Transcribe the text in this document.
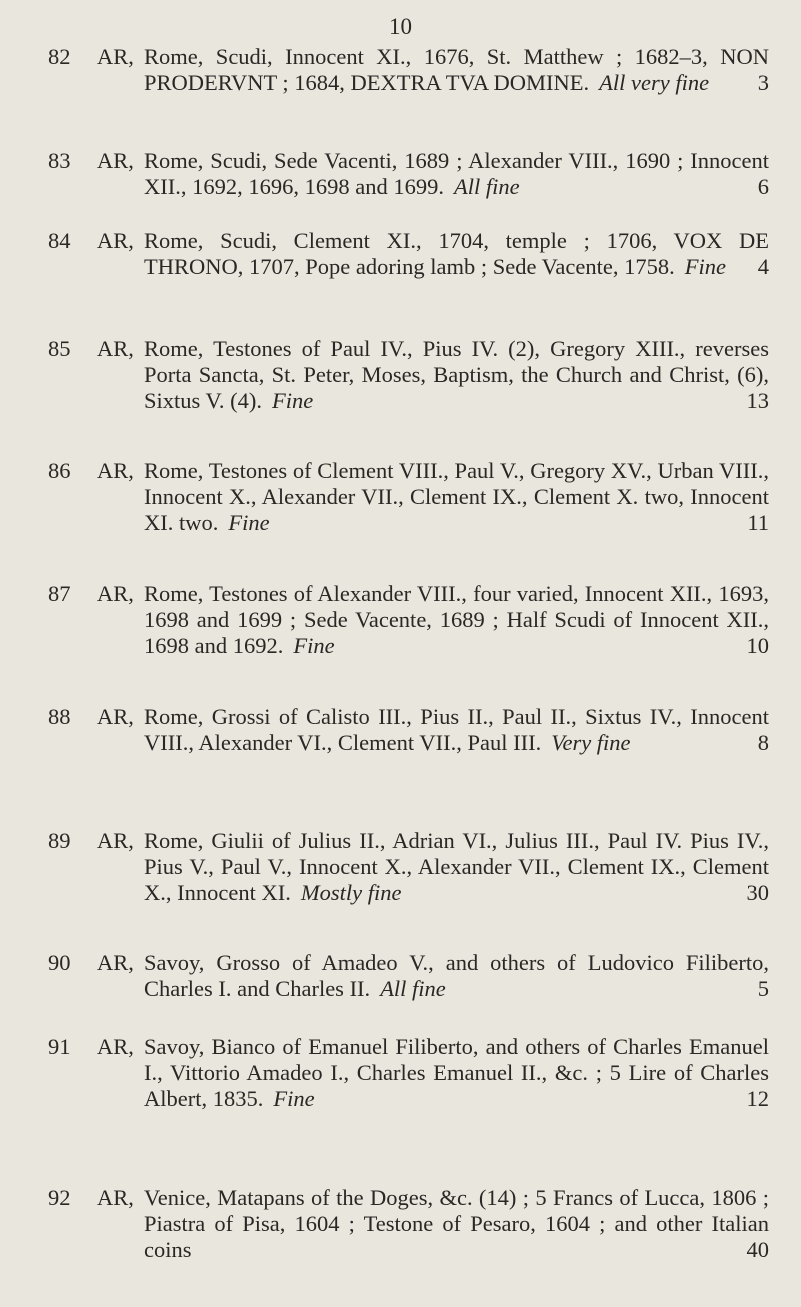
10
82	AR, Rome, Scudi, Innocent XI., 1676, St. Matthew ; 1682–3, NON PRODERVNT ; 1684, DEXTRA TVA DOMINE. All very fine 3
83	AR, Rome, Scudi, Sede Vacenti, 1689 ; Alexander VIII., 1690 ; Innocent XII., 1692, 1696, 1698 and 1699. All fine	6
84	AR, Rome, Scudi, Clement XI., 1704, temple ; 1706, VOX DE THRONO, 1707, Pope adoring lamb ; Sede Vacente, 1758. Fine 4
85	AR, Rome, Testones of Paul IV., Pius IV. (2), Gregory XIII., reverses Porta Sancta, St. Peter, Moses, Baptism, the Church and Christ, (6), Sixtus V. (4). Fine	13
86	AR, Rome, Testones of Clement VIII., Paul V., Gregory XV., Urban VIII., Innocent X., Alexander VII., Clement IX., Clement X. two, Innocent XI. two. Fine	11
87	AR, Rome, Testones of Alexander VIII., four varied, Innocent XII., 1693, 1698 and 1699 ; Sede Vacente, 1689 ; Half Scudi of Innocent XII., 1698 and 1692. Fine	10
88	AR, Rome, Grossi of Calisto III., Pius II., Paul II., Sixtus IV., Innocent VIII., Alexander VI., Clement VII., Paul III. Very fine	8
89	AR, Rome, Giulii of Julius II., Adrian VI., Julius III., Paul IV. Pius IV., Pius V., Paul V., Innocent X., Alexander VII., Clement IX., Clement X., Innocent XI. Mostly fine	30
90	AR, Savoy, Grosso of Amadeo V., and others of Ludovico Filiberto, Charles I. and Charles II. All fine	5
91	AR, Savoy, Bianco of Emanuel Filiberto, and others of Charles Emanuel I., Vittorio Amadeo I., Charles Emanuel II., &c. ; 5 Lire of Charles Albert, 1835. Fine	12
92	AR, Venice, Matapans of the Doges, &c. (14) ; 5 Francs of Lucca, 1806 ; Piastra of Pisa, 1604 ; Testone of Pesaro, 1604 ; and other Italian coins	40
